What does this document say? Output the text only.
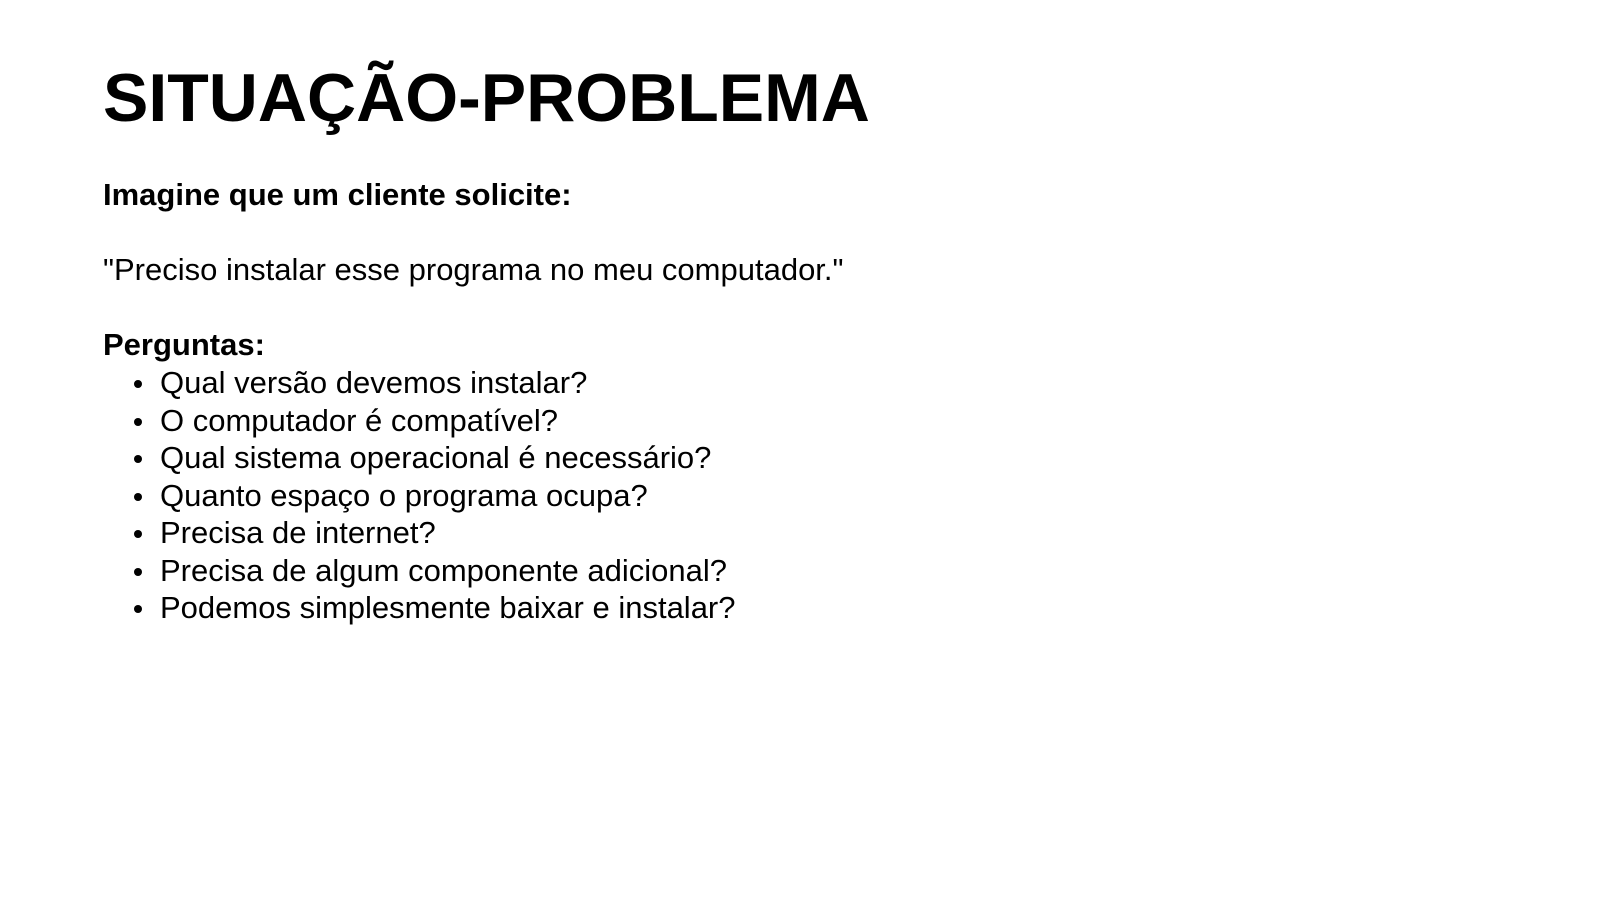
SITUAÇÃO-PROBLEMA

Imagine que um cliente solicite:

"Preciso instalar esse programa no meu computador."

Perguntas:

Qual versão devemos instalar?
O computador é compatível?
Qual sistema operacional é necessário?
Quanto espaço o programa ocupa?
Precisa de internet?
Precisa de algum componente adicional?
Podemos simplesmente baixar e instalar?
